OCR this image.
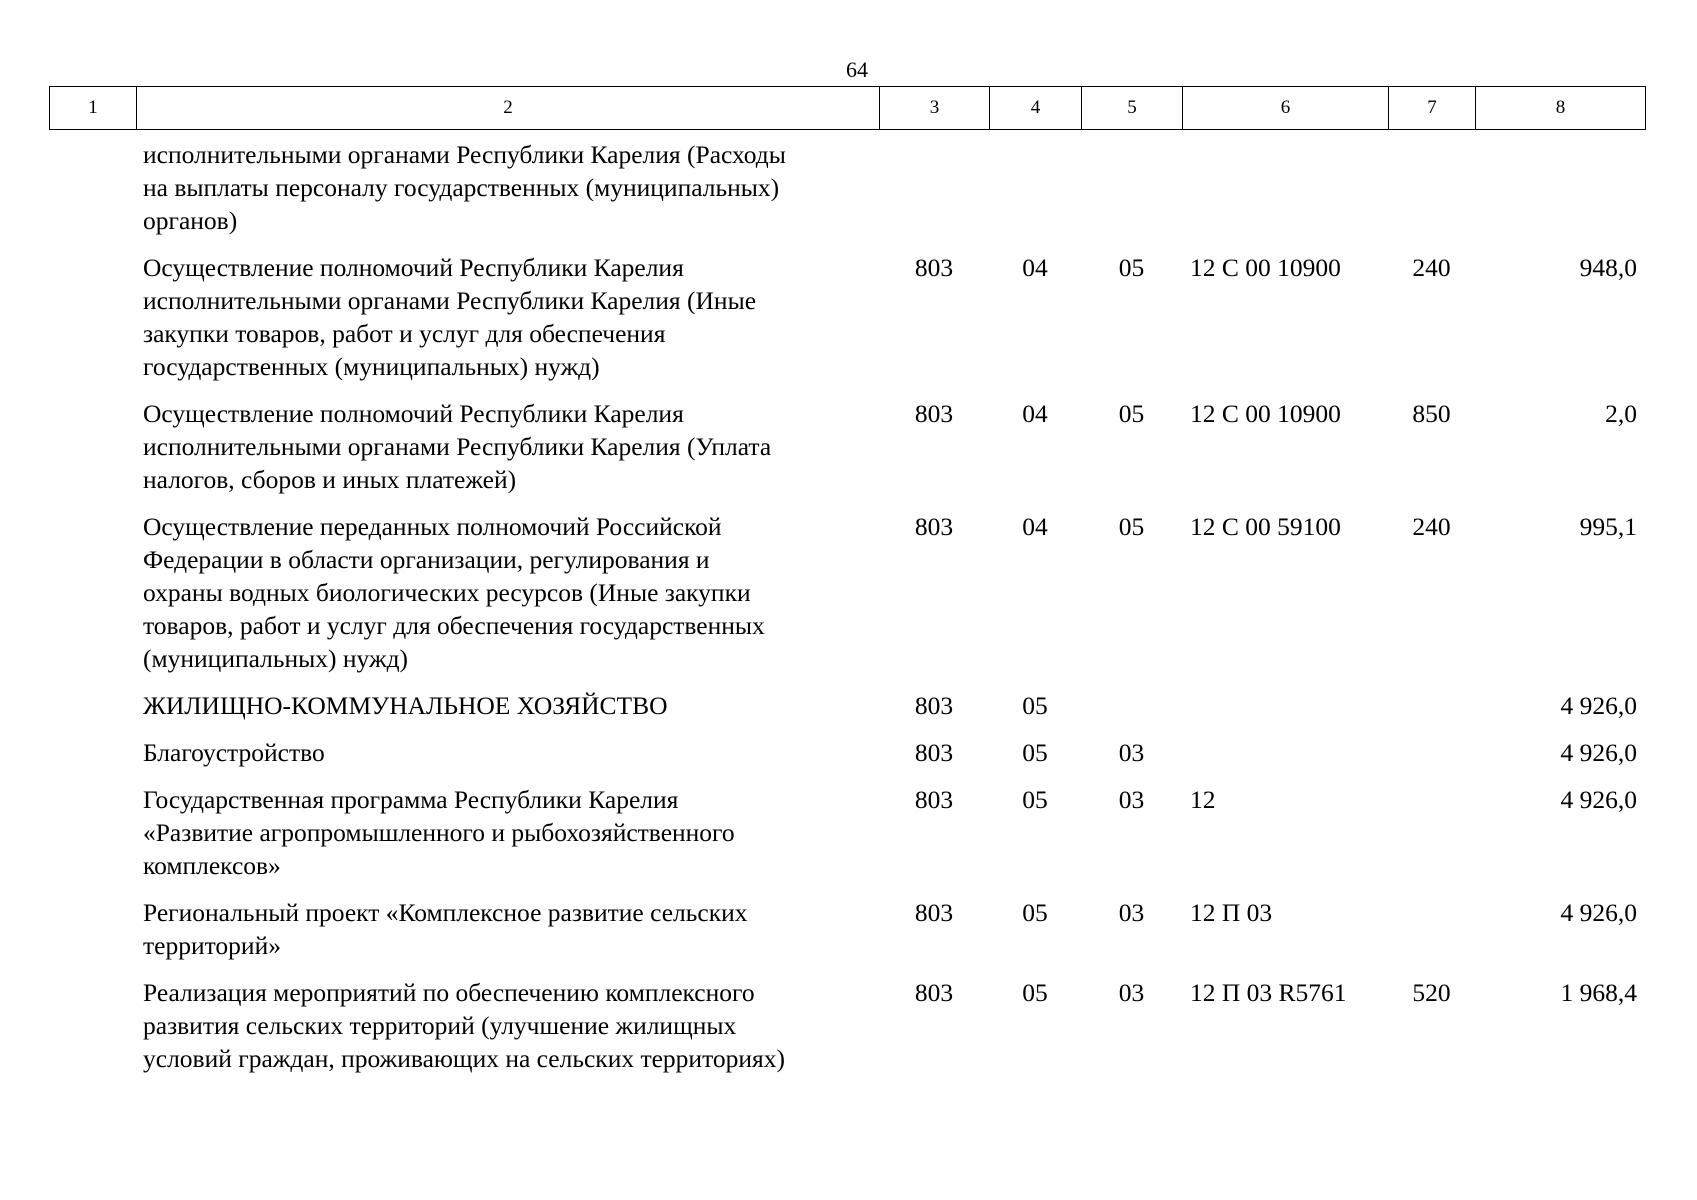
64
1	2	3	4	5	6	7	8
исполнительными органами Республики Карелия (Расходы
на выплаты персоналу государственных (муниципальных)
органов)						
Осуществление полномочий Республики Карелия
исполнительными органами Республики Карелия (Иные
закупки товаров, работ и услуг для обеспечения
государственных (муниципальных) нужд)	803	04	05	12 С 00 10900	240	948,0
Осуществление полномочий Республики Карелия
исполнительными органами Республики Карелия (Уплата
налогов, сборов и иных платежей)	803	04	05	12 С 00 10900	850	2,0
Осуществление переданных полномочий Российской
Федерации в области организации, регулирования и
охраны водных биологических ресурсов (Иные закупки
товаров, работ и услуг для обеспечения государственных
(муниципальных) нужд)	803	04	05	12 С 00 59100	240	995,1
ЖИЛИЩНО-КОММУНАЛЬНОЕ ХОЗЯЙСТВО	803	05				4 926,0
Благоустройство	803	05	03			4 926,0
Государственная программа Республики Карелия
«Развитие агропромышленного и рыбохозяйственного
комплексов»	803	05	03	12		4 926,0
Региональный проект «Комплексное развитие сельских
территорий»	803	05	03	12 П 03		4 926,0
Реализация мероприятий по обеспечению комплексного
развития сельских территорий (улучшение жилищных
условий граждан, проживающих на сельских территориях)	803	05	03	12 П 03 R5761	520	1 968,4
